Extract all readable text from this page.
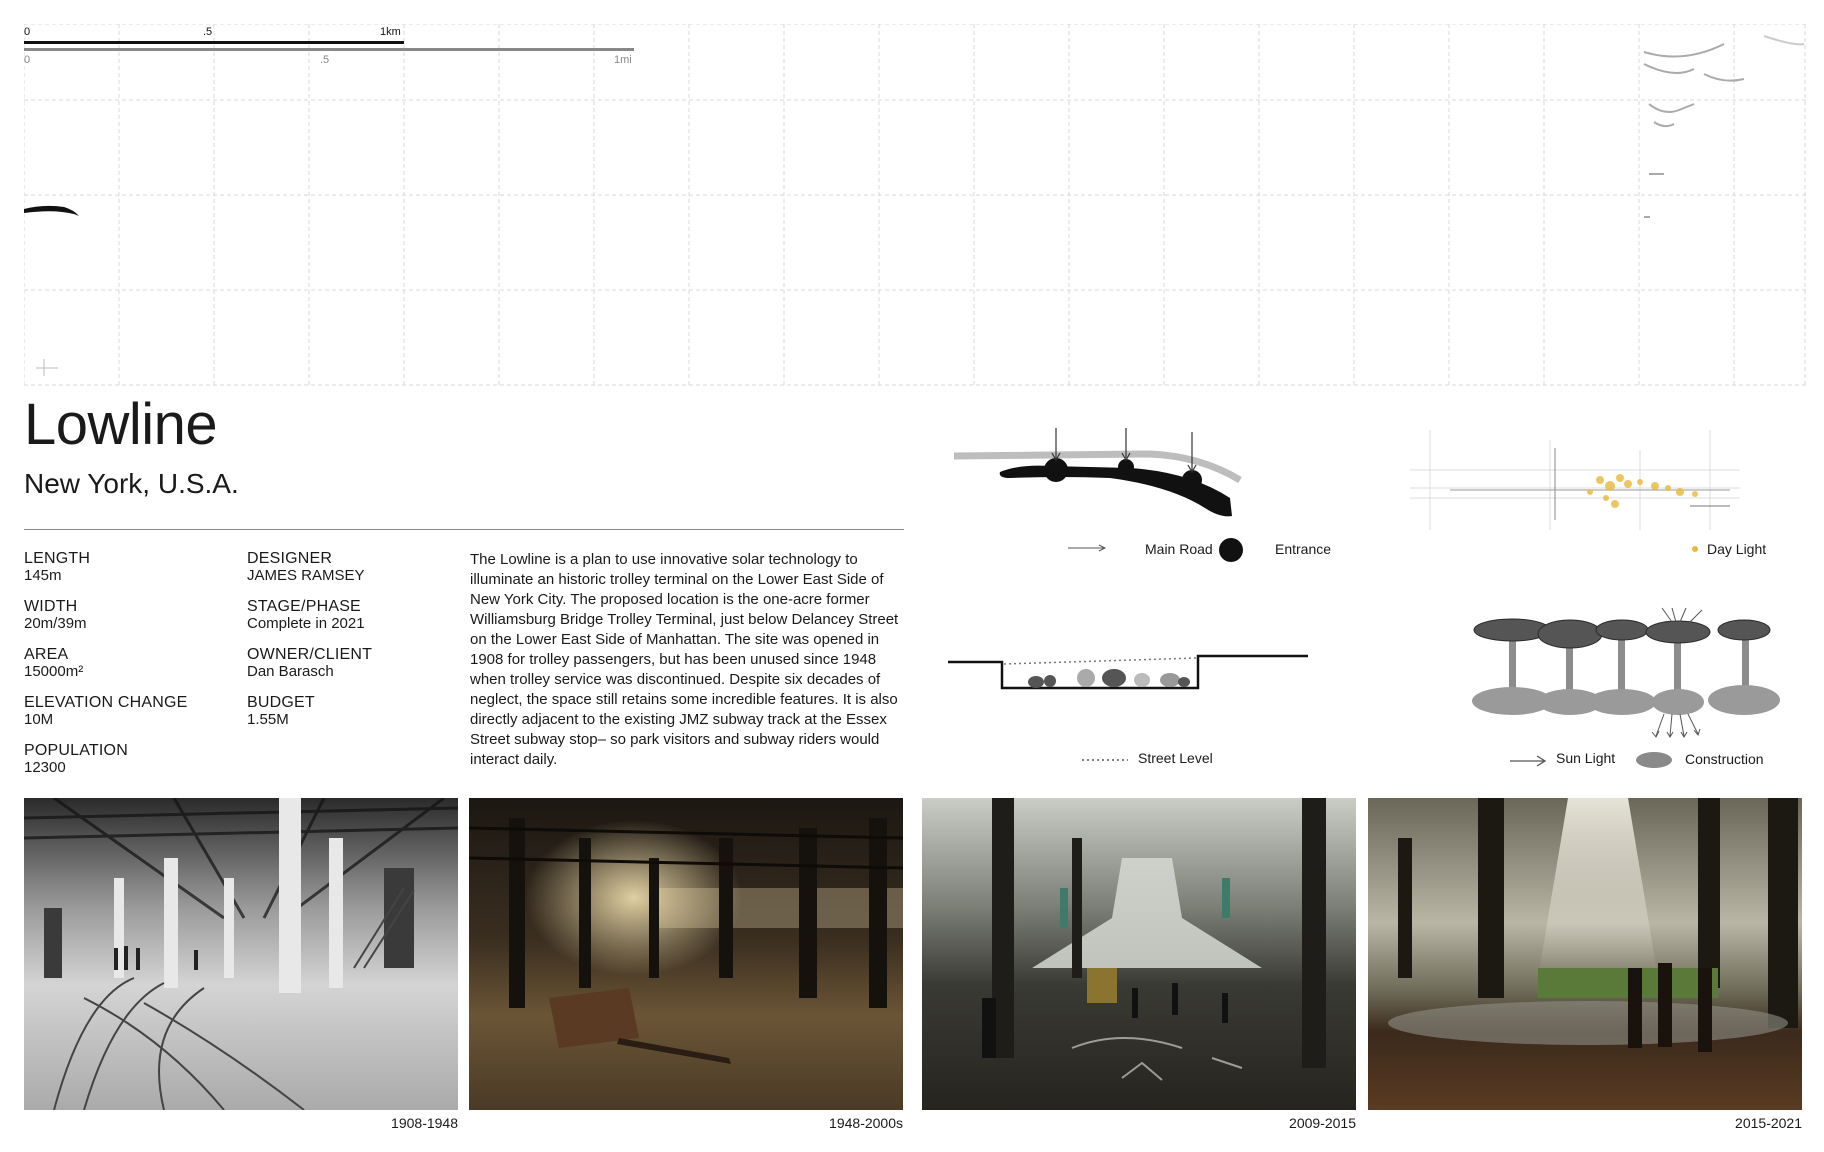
0	.5	1km
0	.5	1mi
Lowline
New York, U.S.A.
LENGTH
145m
WIDTH
20m/39m
AREA
15000m²
ELEVATION CHANGE
10M
POPULATION
12300
DESIGNER
JAMES RAMSEY
STAGE/PHASE
Complete in 2021
OWNER/CLIENT
Dan Barasch
BUDGET
1.55M
The Lowline is a plan to use innovative solar technology to illuminate an historic trolley terminal on the Lower East Side of New York City. The proposed location is the one-acre former Williamsburg Bridge Trolley Terminal, just below Delancey Street on the Lower East Side of Manhattan. The site was opened in 1908 for trolley passengers, but has been unused since 1948 when trolley service was discontinued. Despite six decades of neglect, the space still retains some incredible features. It is also directly adjacent to the existing JMZ subway track at the Essex Street subway stop– so park visitors and subway riders would interact daily.
Main Road	Entrance	Day Light
Street Level	Sun Light	Construction
1908-1948	1948-2000s	2009-2015	2015-2021
